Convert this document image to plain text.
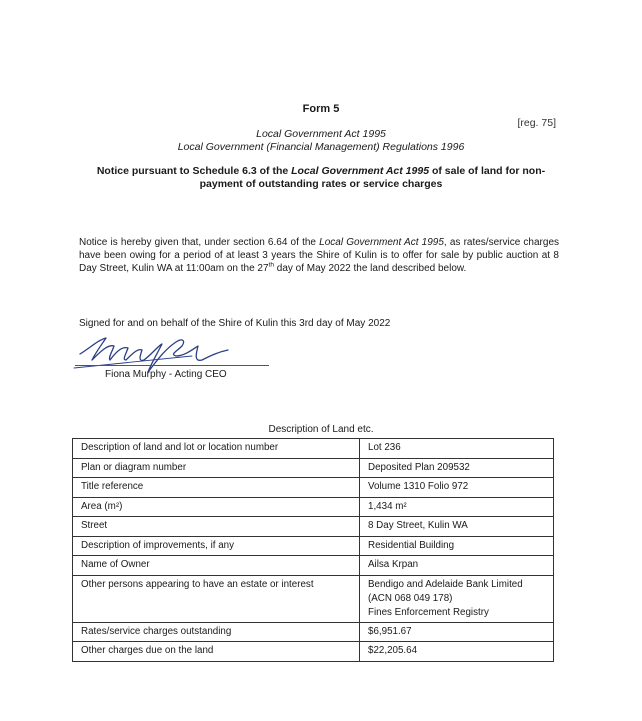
Form 5
[reg. 75]
Local Government Act 1995
Local Government (Financial Management) Regulations 1996
Notice pursuant to Schedule 6.3 of the Local Government Act 1995 of sale of land for non-payment of outstanding rates or service charges
Notice is hereby given that, under section 6.64 of the Local Government Act 1995, as rates/service charges have been owing for a period of at least 3 years the Shire of Kulin is to offer for sale by public auction at 8 Day Street, Kulin WA at 11:00am on the 27th day of May 2022 the land described below.
Signed for and on behalf of the Shire of Kulin this 3rd day of May 2022
Fiona Murphy - Acting CEO
Description of Land etc.
Description of land and lot or location number	Lot 236
Plan or diagram number	Deposited Plan 209532
Title reference	Volume 1310 Folio 972
Area (m²)	1,434 m²
Street	8 Day Street, Kulin WA
Description of improvements, if any	Residential Building
Name of Owner	Ailsa Krpan
Other persons appearing to have an estate or interest	Bendigo and Adelaide Bank Limited
(ACN 068 049 178)
Fines Enforcement Registry

Rates/service charges outstanding	$6,951.67
Other charges due on the land	$22,205.64
